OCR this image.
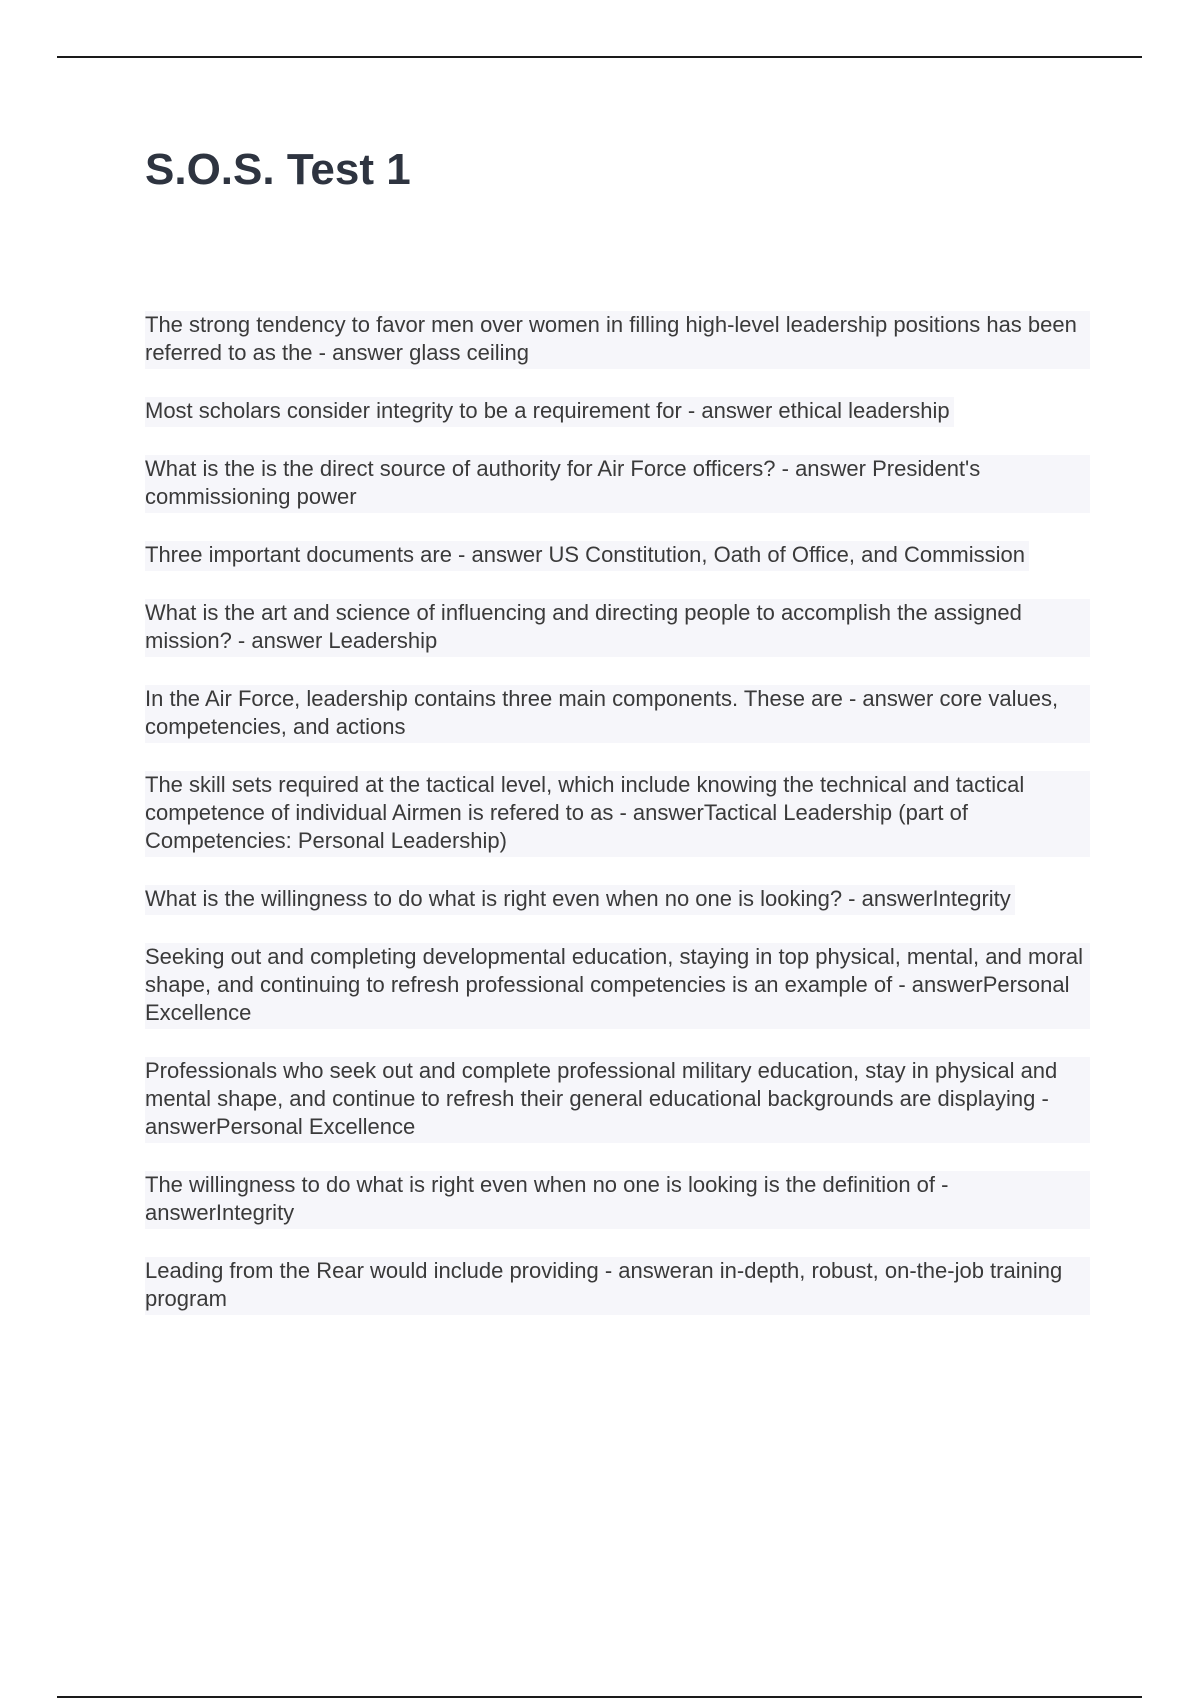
S.O.S. Test 1

The strong tendency to favor men over women in filling high-level leadership positions has been referred to as the - answer glass ceiling

Most scholars consider integrity to be a requirement for - answer ethical leadership

What is the is the direct source of authority for Air Force officers? - answer President's commissioning power

Three important documents are - answer US Constitution, Oath of Office, and Commission

What is the art and science of influencing and directing people to accomplish the assigned mission? - answer Leadership

In the Air Force, leadership contains three main components. These are - answer core values, competencies, and actions

The skill sets required at the tactical level, which include knowing the technical and tactical competence of individual Airmen is refered to as - answerTactical Leadership (part of Competencies: Personal Leadership)

What is the willingness to do what is right even when no one is looking? - answerIntegrity

Seeking out and completing developmental education, staying in top physical, mental, and moral shape, and continuing to refresh professional competencies is an example of - answerPersonal Excellence

Professionals who seek out and complete professional military education, stay in physical and mental shape, and continue to refresh their general educational backgrounds are displaying - answerPersonal Excellence

The willingness to do what is right even when no one is looking is the definition of - answerIntegrity

Leading from the Rear would include providing - answeran in-depth, robust, on-the-job training program
